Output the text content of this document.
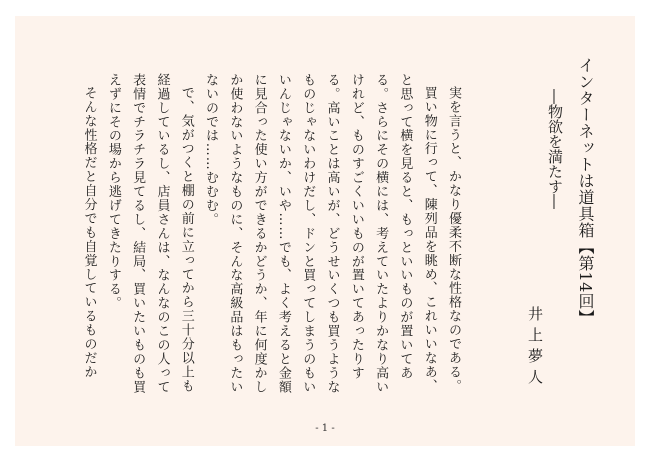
インターネットは道具箱【第14回】
―物欲を満たす―
井上夢人

実を言うと、かなり優柔不断な性格なのである。

買い物に行って、陳列品を眺め、これいいなあ、と思って横を見ると、もっといいものが置いてある。さらにその横には、考えていたよりかなり高いけれど、ものすごくいいものが置いてあったりする。高いことは高いが、どうせいくつも買うようなものじゃないわけだし、ドンと買ってしまうのもいいんじゃないか、いや……でも、よく考えると金額に見合った使い方ができるかどうか、年に何度かしか使わないようなものに、そんな高級品はもったいないのでは……むむむ。

で、気がつくと棚の前に立ってから三十分以上も経過しているし、店員さんは、なんなのこの人って表情でチラチラ見てるし、結局、買いたいものも買えずにその場から逃げてきたりする。

そんな性格だと自分でも自覚しているものだか

- 1 -
